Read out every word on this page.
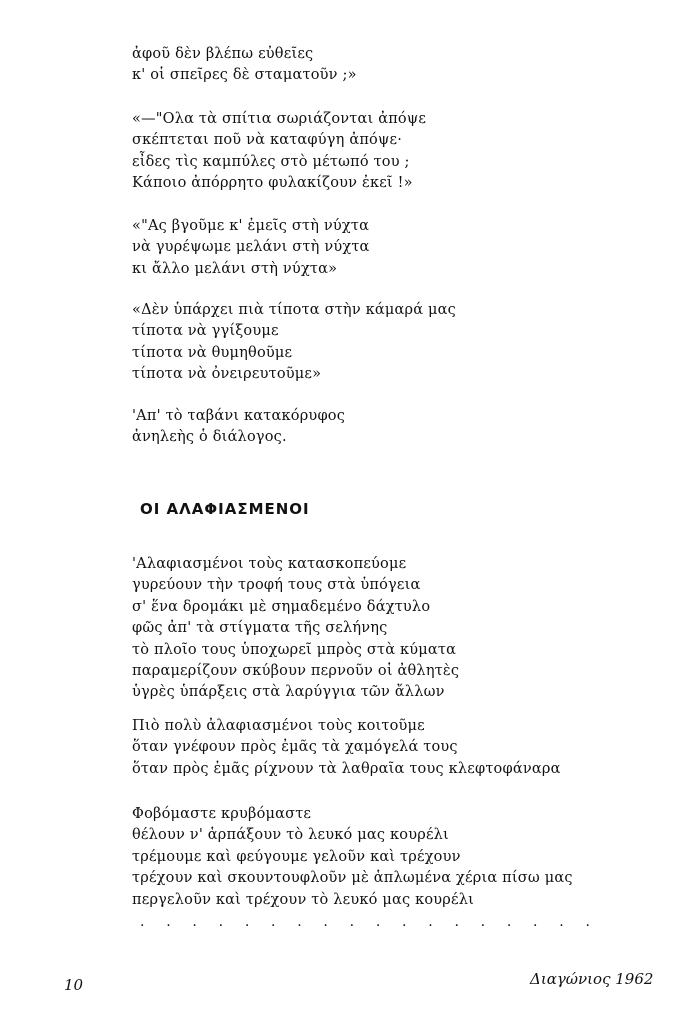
ἀφοῦ δὲν βλέπω εὐθεῖες
κ' οἱ σπεῖρες δὲ σταματοῦν ;»
«—"Ολα τὰ σπίτια σωριάζονται ἀπόψε
σκέπτεται ποῦ νὰ καταφύγη ἀπόψε·
εἶδες τὶς καμπύλες στὸ μέτωπό του ;
Κάποιο ἀπόρρητο φυλακίζουν ἐκεῖ !»
«"Ας βγοῦμε κ' ἐμεῖς στὴ νύχτα
νὰ γυρέψωμε μελάνι στὴ νύχτα
κι ἄλλο μελάνι στὴ νύχτα»
«Δὲν ὑπάρχει πιὰ τίποτα στὴν κάμαρά μας
τίποτα νὰ γγίξουμε
τίποτα νὰ θυμηθοῦμε
τίποτα νὰ ὀνειρευτοῦμε»
'Απ' τὸ ταβάνι κατακόρυφος
ἀνηλεὴς ὁ διάλογος.
ΟΙ ΑΛΑΦΙΑΣΜΕΝΟΙ
'Αλαφιασμένοι τοὺς κατασκοπεύομε
γυρεύουν τὴν τροφή τους στὰ ὑπόγεια
σ' ἕνα δρομάκι μὲ σημαδεμένο δάχτυλο
φῶς ἀπ' τὰ στίγματα τῆς σελήνης
τὸ πλοῖο τους ὑποχωρεῖ μπρὸς στὰ κύματα
παραμερίζουν σκύβουν περνοῦν οἱ ἀθλητὲς
ὑγρὲς ὑπάρξεις στὰ λαρύγγια τῶν ἄλλων
Πιὸ πολὺ ἀλαφιασμένοι τοὺς κοιτοῦμε
ὅταν γνέφουν πρὸς ἐμᾶς τὰ χαμόγελά τους
ὅταν πρὸς ἐμᾶς ρίχνουν τὰ λαθραῖα τους κλεφτοφάναρα
Φοβόμαστε κρυβόμαστε
θέλουν ν' ἁρπάξουν τὸ λευκό μας κουρέλι
τρέμουμε καὶ φεύγουμε γελοῦν καὶ τρέχουν
τρέχουν καὶ σκουντουφλοῦν μὲ ἁπλωμένα χέρια πίσω μας
περγελοῦν καὶ τρέχουν τὸ λευκό μας κουρέλι
. . . . . . . . . . . . . . . . . .
10	Διαγώνιος 1962
